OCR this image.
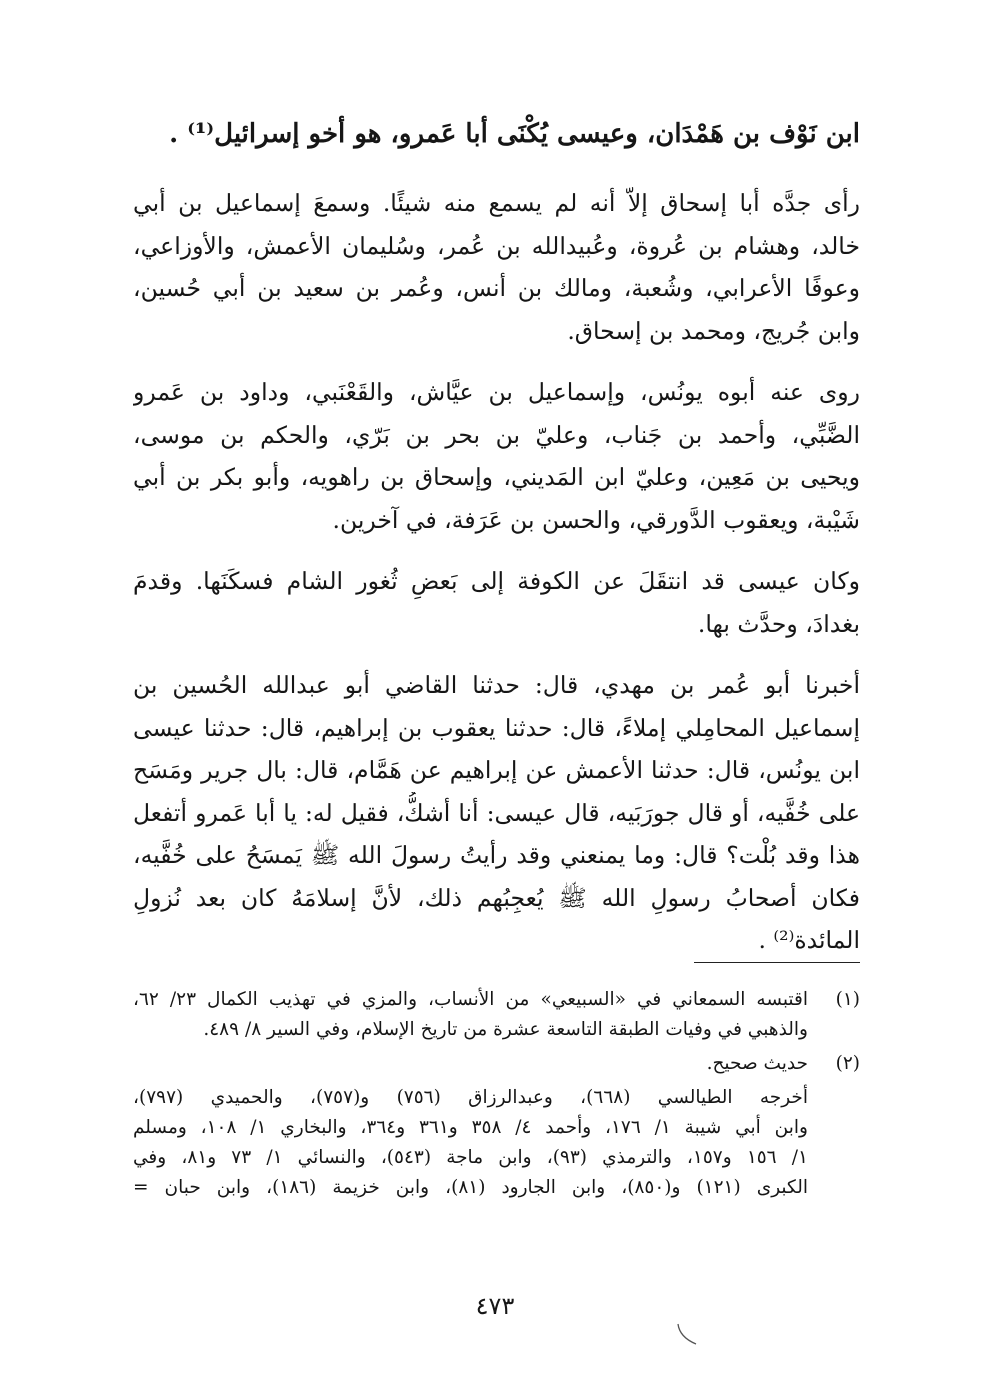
ابن نَوْف بن هَمْدَان، وعيسى يُكْنَى أبا عَمرو، هو أخو إسرائيل⁽¹⁾ .
رأى جدَّه أبا إسحاق إلاّ أنه لم يسمع منه شيئًا. وسمعَ إسماعيل بن أبي
خالد، وهشام بن عُروة، وعُبيدالله بن عُمر، وسُليمان الأعمش، والأوزاعي،
وعوفًا الأعرابي، وشُعبة، ومالك بن أنس، وعُمر بن سعيد بن أبي حُسين،
وابن جُريج، ومحمد بن إسحاق.
روى عنه أبوه يونُس، وإسماعيل بن عيَّاش، والقَعْنَبي، وداود بن عَمرو
الضَّبِّي، وأحمد بن جَناب، وعليّ بن بحر بن بَرّي، والحكم بن موسى،
ويحيى بن مَعِين، وعليّ ابن المَديني، وإسحاق بن راهويه، وأبو بكر بن أبي
شَيْبة، ويعقوب الدَّورقي، والحسن بن عَرَفة، في آخرين.
وكان عيسى قد انتقَلَ عن الكوفة إلى بَعضِ ثُغور الشام فسكَنَها. وقدمَ
بغدادَ، وحدَّث بها.
أخبرنا أبو عُمر بن مهدي، قال: حدثنا القاضي أبو عبدالله الحُسين بن
إسماعيل المحامِلي إملاءً، قال: حدثنا يعقوب بن إبراهيم، قال: حدثنا عيسى
ابن يونُس، قال: حدثنا الأعمش عن إبراهيم عن هَمَّام، قال: بال جرير ومَسَح
على خُفَّيه، أو قال جورَبَيه، قال عيسى: أنا أشكُّ، فقيل له: يا أبا عَمرو أتفعل
هذا وقد بُلْت؟ قال: وما يمنعني وقد رأيتُ رسولَ الله ﷺ يَمسَحُ على خُفَّيه،
فكان أصحابُ رسولِ الله ﷺ يُعجِبُهم ذلك، لأنَّ إسلامَهُ كان بعد نُزولِ
المائدة⁽²⁾ .
(١)
اقتبسه السمعاني في «السبيعي» من الأنساب، والمزي في تهذيب الكمال ٢٣/ ٦٢،
والذهبي في وفيات الطبقة التاسعة عشرة من تاريخ الإسلام، وفي السير ٨/ ٤٨٩.
(٢)
حديث صحيح.
أخرجه الطيالسي (٦٦٨)، وعبدالرزاق (٧٥٦) و(٧٥٧)، والحميدي (٧٩٧)،
وابن أبي شيبة ١/ ١٧٦، وأحمد ٤/ ٣٥٨ و٣٦١ و٣٦٤، والبخاري ١/ ١٠٨، ومسلم
١/ ١٥٦ و١٥٧، والترمذي (٩٣)، وابن ماجة (٥٤٣)، والنسائي ١/ ٧٣ و٨١، وفي
الكبرى (١٢١) و(٨٥٠)، وابن الجارود (٨١)، وابن خزيمة (١٨٦)، وابن حبان =
٤٧٣
